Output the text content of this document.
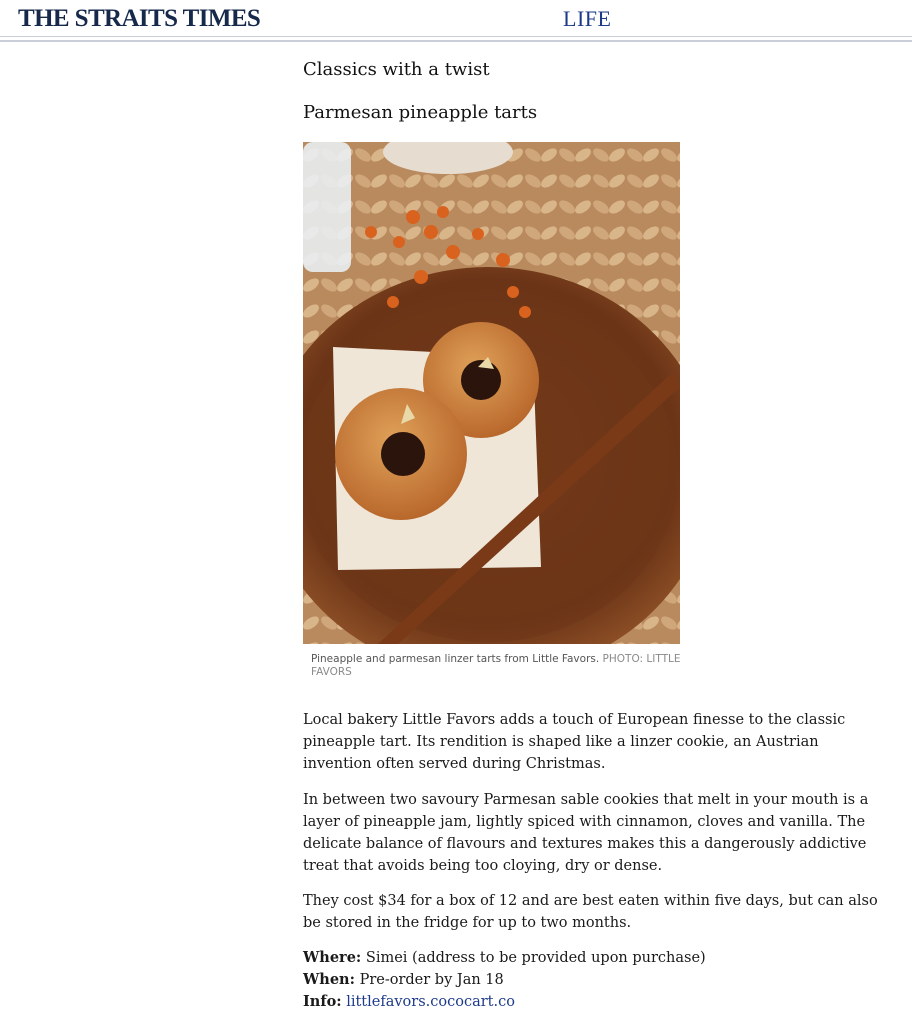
THE STRAITS TIMES	LIFE
Classics with a twist
Parmesan pineapple tarts
Pineapple and parmesan linzer tarts from Little Favors. PHOTO: LITTLE FAVORS

Local bakery Little Favors adds a touch of European finesse to the classic pineapple tart. Its rendition is shaped like a linzer cookie, an Austrian invention often served during Christmas.

In between two savoury Parmesan sable cookies that melt in your mouth is a layer of pineapple jam, lightly spiced with cinnamon, cloves and vanilla. The delicate balance of flavours and textures makes this a dangerously addictive treat that avoids being too cloying, dry or dense.

They cost $34 for a box of 12 and are best eaten within five days, but can also be stored in the fridge for up to two months.

Where: Simei (address to be provided upon purchase)
When: Pre-order by Jan 18
Info: littlefavors.cococart.co
